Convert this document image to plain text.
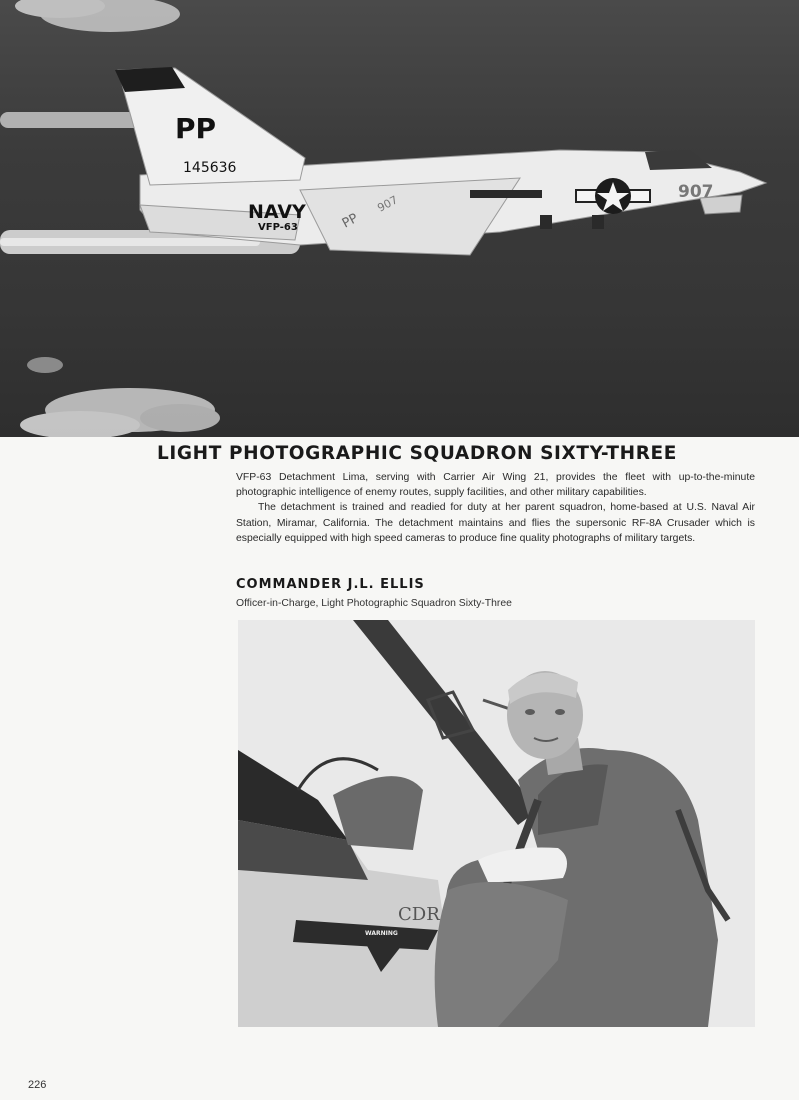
PP
145636
NAVY
VFP-63
907
PP
907
LIGHT PHOTOGRAPHIC SQUADRON SIXTY-THREE

VFP-63 Detachment Lima, serving with Carrier Air Wing 21, provides the fleet with up-to-the-minute photographic intelligence of enemy routes, supply facilities, and other military capabilities.

The detachment is trained and readied for duty at her parent squadron, home-based at U.S. Naval Air Station, Miramar, California. The detachment maintains and flies the supersonic RF-8A Crusader which is especially equipped with high speed cameras to produce fine quality photographs of military targets.

COMMANDER J.L. ELLIS
Officer-in-Charge, Light Photographic Squadron Sixty-Three
CDR
WARNING
226
